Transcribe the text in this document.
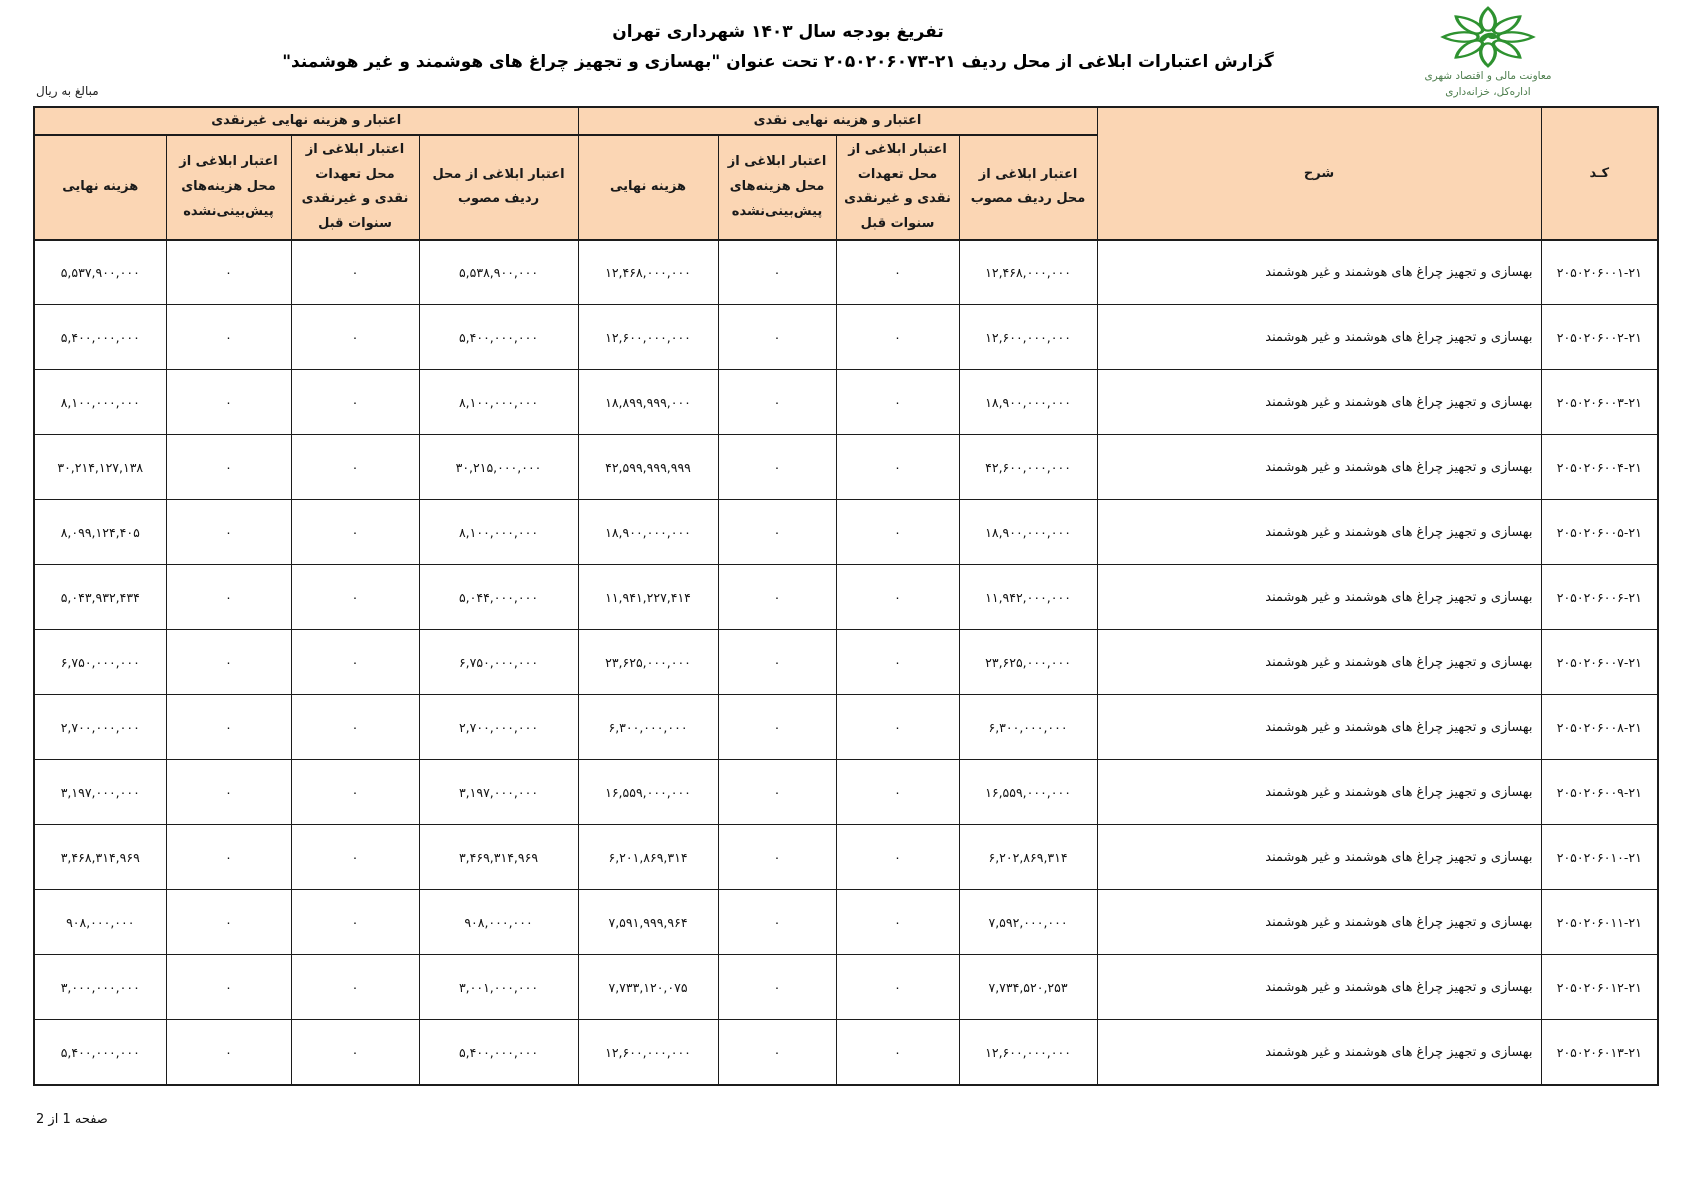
تفریغ بودجه سال ۱۴۰۳ شهرداری تهران
گزارش اعتبارات ابلاغی از محل ردیف ۲۱-۲۰۵۰۲۰۶۰۷۳ تحت عنوان "بهسازی و تجهیز چراغ های هوشمند و غیر هوشمند"
معاونت مالی و اقتصاد شهری
اداره‌کل، خزانه‌داری
مبالغ به ریال
کـد	شرح	اعتبار و هزینه نهایی نقدی				اعتبار و هزینه نهایی غیرنقدی			
		اعتبار ابلاغی از محل ردیف مصوب	اعتبار ابلاغی از محل تعهدات نقدی و غیرنقدی سنوات قبل	اعتبار ابلاغی از محل هزینه‌های پیش‌بینی‌نشده	هزینه نهایی	اعتبار ابلاغی از محل ردیف مصوب	اعتبار ابلاغی از محل تعهدات نقدی و غیرنقدی سنوات قبل	اعتبار ابلاغی از محل هزینه‌های پیش‌بینی‌نشده	هزینه نهایی
۲۰۵۰۲۰۶۰۰۱-۲۱	بهسازی و تجهیز چراغ های هوشمند و غیر هوشمند	۱۲,۴۶۸,۰۰۰,۰۰۰	۰	۰	۱۲,۴۶۸,۰۰۰,۰۰۰	۵,۵۳۸,۹۰۰,۰۰۰	۰	۰	۵,۵۳۷,۹۰۰,۰۰۰
۲۰۵۰۲۰۶۰۰۲-۲۱	بهسازی و تجهیز چراغ های هوشمند و غیر هوشمند	۱۲,۶۰۰,۰۰۰,۰۰۰	۰	۰	۱۲,۶۰۰,۰۰۰,۰۰۰	۵,۴۰۰,۰۰۰,۰۰۰	۰	۰	۵,۴۰۰,۰۰۰,۰۰۰
۲۰۵۰۲۰۶۰۰۳-۲۱	بهسازی و تجهیز چراغ های هوشمند و غیر هوشمند	۱۸,۹۰۰,۰۰۰,۰۰۰	۰	۰	۱۸,۸۹۹,۹۹۹,۰۰۰	۸,۱۰۰,۰۰۰,۰۰۰	۰	۰	۸,۱۰۰,۰۰۰,۰۰۰
۲۰۵۰۲۰۶۰۰۴-۲۱	بهسازی و تجهیز چراغ های هوشمند و غیر هوشمند	۴۲,۶۰۰,۰۰۰,۰۰۰	۰	۰	۴۲,۵۹۹,۹۹۹,۹۹۹	۳۰,۲۱۵,۰۰۰,۰۰۰	۰	۰	۳۰,۲۱۴,۱۲۷,۱۳۸
۲۰۵۰۲۰۶۰۰۵-۲۱	بهسازی و تجهیز چراغ های هوشمند و غیر هوشمند	۱۸,۹۰۰,۰۰۰,۰۰۰	۰	۰	۱۸,۹۰۰,۰۰۰,۰۰۰	۸,۱۰۰,۰۰۰,۰۰۰	۰	۰	۸,۰۹۹,۱۲۴,۴۰۵
۲۰۵۰۲۰۶۰۰۶-۲۱	بهسازی و تجهیز چراغ های هوشمند و غیر هوشمند	۱۱,۹۴۲,۰۰۰,۰۰۰	۰	۰	۱۱,۹۴۱,۲۲۷,۴۱۴	۵,۰۴۴,۰۰۰,۰۰۰	۰	۰	۵,۰۴۳,۹۳۲,۴۳۴
۲۰۵۰۲۰۶۰۰۷-۲۱	بهسازی و تجهیز چراغ های هوشمند و غیر هوشمند	۲۳,۶۲۵,۰۰۰,۰۰۰	۰	۰	۲۳,۶۲۵,۰۰۰,۰۰۰	۶,۷۵۰,۰۰۰,۰۰۰	۰	۰	۶,۷۵۰,۰۰۰,۰۰۰
۲۰۵۰۲۰۶۰۰۸-۲۱	بهسازی و تجهیز چراغ های هوشمند و غیر هوشمند	۶,۳۰۰,۰۰۰,۰۰۰	۰	۰	۶,۳۰۰,۰۰۰,۰۰۰	۲,۷۰۰,۰۰۰,۰۰۰	۰	۰	۲,۷۰۰,۰۰۰,۰۰۰
۲۰۵۰۲۰۶۰۰۹-۲۱	بهسازی و تجهیز چراغ های هوشمند و غیر هوشمند	۱۶,۵۵۹,۰۰۰,۰۰۰	۰	۰	۱۶,۵۵۹,۰۰۰,۰۰۰	۳,۱۹۷,۰۰۰,۰۰۰	۰	۰	۳,۱۹۷,۰۰۰,۰۰۰
۲۰۵۰۲۰۶۰۱۰-۲۱	بهسازی و تجهیز چراغ های هوشمند و غیر هوشمند	۶,۲۰۲,۸۶۹,۳۱۴	۰	۰	۶,۲۰۱,۸۶۹,۳۱۴	۳,۴۶۹,۳۱۴,۹۶۹	۰	۰	۳,۴۶۸,۳۱۴,۹۶۹
۲۰۵۰۲۰۶۰۱۱-۲۱	بهسازی و تجهیز چراغ های هوشمند و غیر هوشمند	۷,۵۹۲,۰۰۰,۰۰۰	۰	۰	۷,۵۹۱,۹۹۹,۹۶۴	۹۰۸,۰۰۰,۰۰۰	۰	۰	۹۰۸,۰۰۰,۰۰۰
۲۰۵۰۲۰۶۰۱۲-۲۱	بهسازی و تجهیز چراغ های هوشمند و غیر هوشمند	۷,۷۳۴,۵۲۰,۲۵۳	۰	۰	۷,۷۳۳,۱۲۰,۰۷۵	۳,۰۰۱,۰۰۰,۰۰۰	۰	۰	۳,۰۰۰,۰۰۰,۰۰۰
۲۰۵۰۲۰۶۰۱۳-۲۱	بهسازی و تجهیز چراغ های هوشمند و غیر هوشمند	۱۲,۶۰۰,۰۰۰,۰۰۰	۰	۰	۱۲,۶۰۰,۰۰۰,۰۰۰	۵,۴۰۰,۰۰۰,۰۰۰	۰	۰	۵,۴۰۰,۰۰۰,۰۰۰
صفحه 1 از 2
